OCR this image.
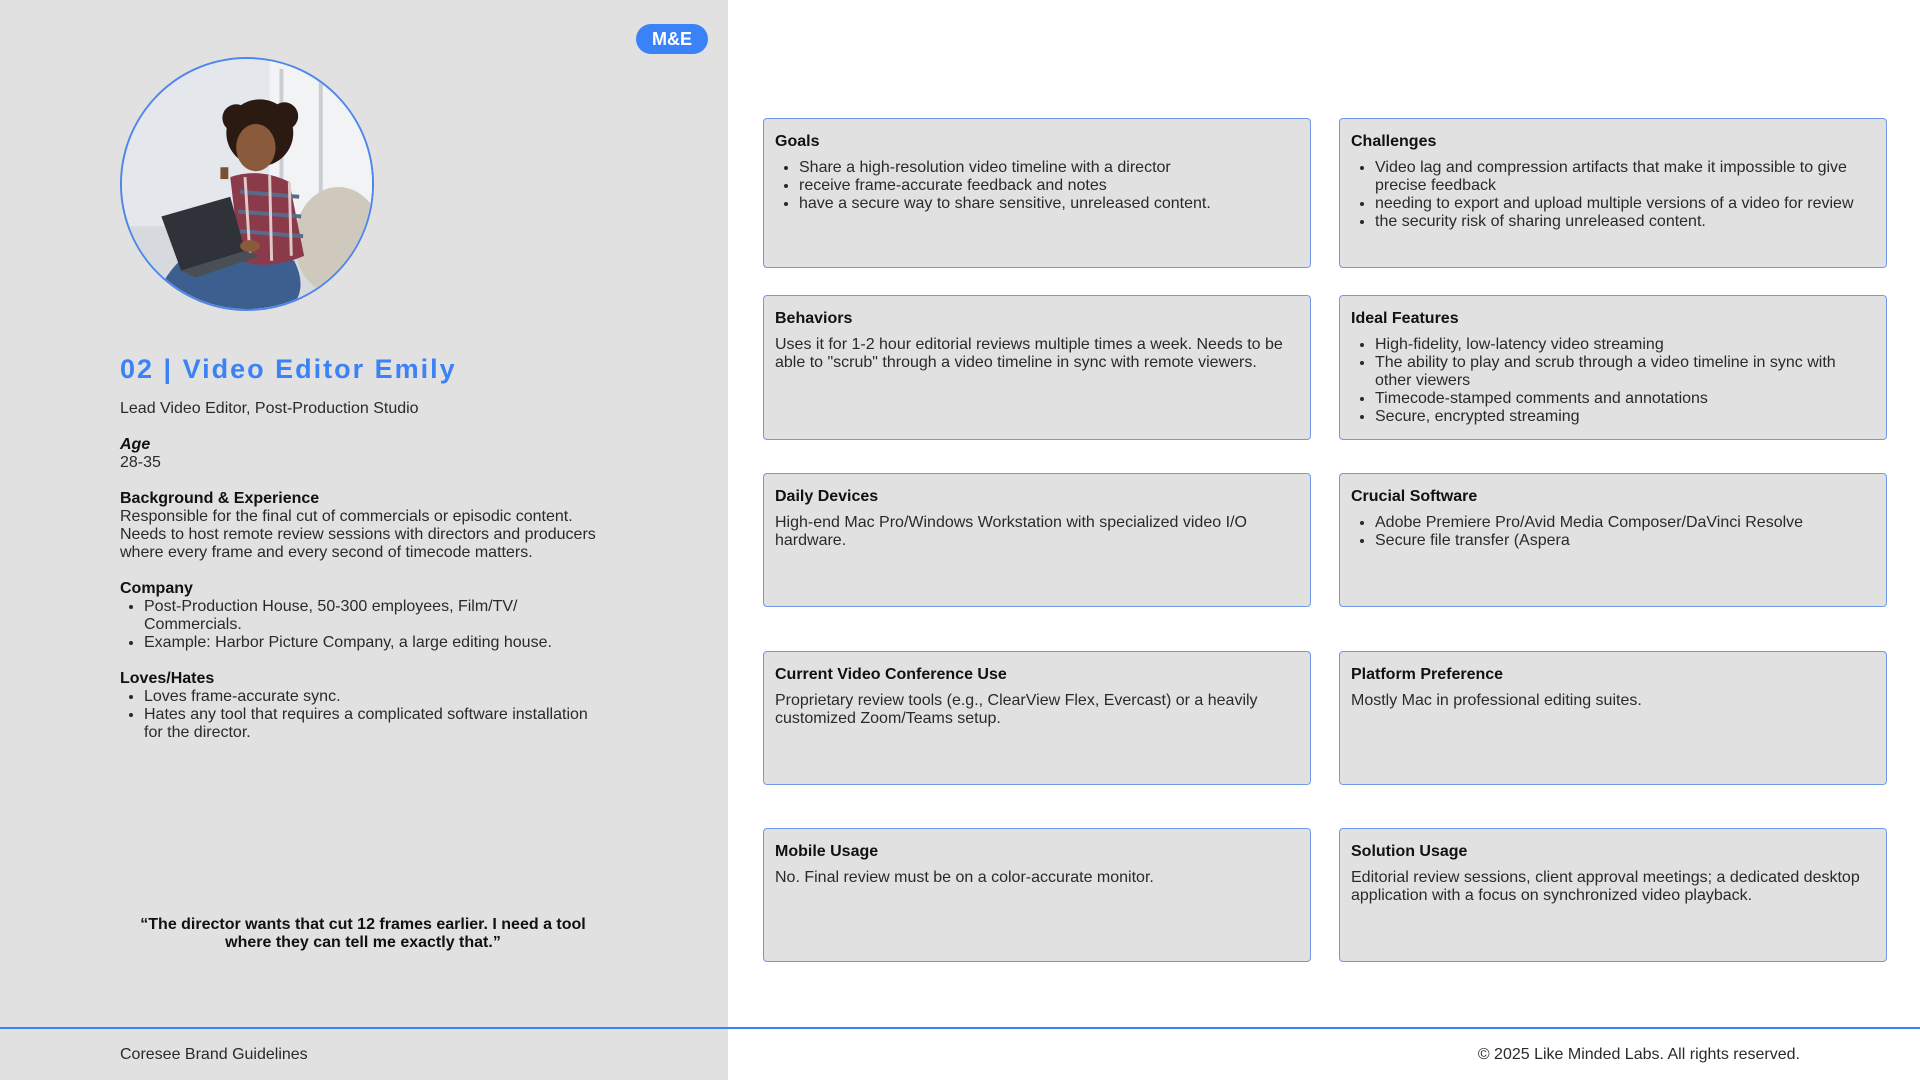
M&E
02 | Video Editor Emily
Lead Video Editor, Post-Production Studio
Age
28-35
Background & Experience
Responsible for the final cut of commercials or episodic content. Needs to host remote review sessions with directors and producers where every frame and every second of timecode matters.
Company
• Post-Production House, 50-300 employees, Film/TV/ Commercials.
• Example: Harbor Picture Company, a large editing house.
Loves/Hates
• Loves frame-accurate sync.
• Hates any tool that requires a complicated software installation for the director.
“The director wants that cut 12 frames earlier. I need a tool where they can tell me exactly that.”
Goals
• Share a high-resolution video timeline with a director
• receive frame-accurate feedback and notes
• have a secure way to share sensitive, unreleased content.
Challenges
• Video lag and compression artifacts that make it impossible to give precise feedback
• needing to export and upload multiple versions of a video for review
• the security risk of sharing unreleased content.
Behaviors
Uses it for 1-2 hour editorial reviews multiple times a week. Needs to be able to "scrub" through a video timeline in sync with remote viewers.
Ideal Features
• High-fidelity, low-latency video streaming
• The ability to play and scrub through a video timeline in sync with other viewers
• Timecode-stamped comments and annotations
• Secure, encrypted streaming
Daily Devices
High-end Mac Pro/Windows Workstation with specialized video I/O hardware.
Crucial Software
• Adobe Premiere Pro/Avid Media Composer/DaVinci Resolve
• Secure file transfer (Aspera
Current Video Conference Use
Proprietary review tools (e.g., ClearView Flex, Evercast) or a heavily customized Zoom/Teams setup.
Platform Preference
Mostly Mac in professional editing suites.
Mobile Usage
No. Final review must be on a color-accurate monitor.
Solution Usage
Editorial review sessions, client approval meetings; a dedicated desktop application with a focus on synchronized video playback.
Coresee Brand Guidelines	© 2025 Like Minded Labs. All rights reserved.
